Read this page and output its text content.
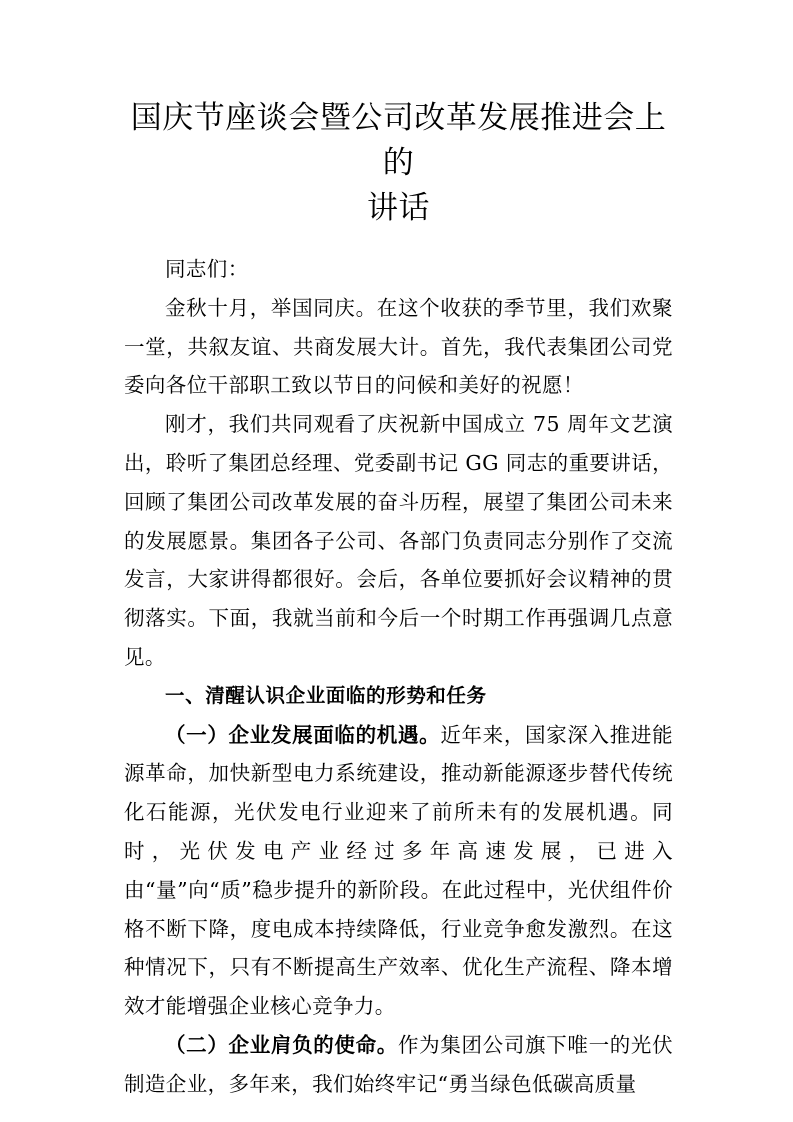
国庆节座谈会暨公司改革发展推进会上的
讲话

同志们：

金秋十月，举国同庆。在这个收获的季节里，我们欢聚一堂，共叙友谊、共商发展大计。首先，我代表集团公司党委向各位干部职工致以节日的问候和美好的祝愿！

刚才，我们共同观看了庆祝新中国成立 75 周年文艺演出，聆听了集团总经理、党委副书记 GG 同志的重要讲话，回顾了集团公司改革发展的奋斗历程，展望了集团公司未来的发展愿景。集团各子公司、各部门负责同志分别作了交流发言，大家讲得都很好。会后，各单位要抓好会议精神的贯彻落实。下面，我就当前和今后一个时期工作再强调几点意见。

一、清醒认识企业面临的形势和任务

（一）企业发展面临的机遇。近年来，国家深入推进能源革命，加快新型电力系统建设，推动新能源逐步替代传统化石能源，光伏发电行业迎来了前所未有的发展机遇。同时，光伏发电产业经过多年高速发展，已进入由“量”向“质”稳步提升的新阶段。在此过程中，光伏组件价格不断下降，度电成本持续降低，行业竞争愈发激烈。在这种情况下，只有不断提高生产效率、优化生产流程、降本增效才能增强企业核心竞争力。

（二）企业肩负的使命。作为集团公司旗下唯一的光伏制造企业，多年来，我们始终牢记“勇当绿色低碳高质量
